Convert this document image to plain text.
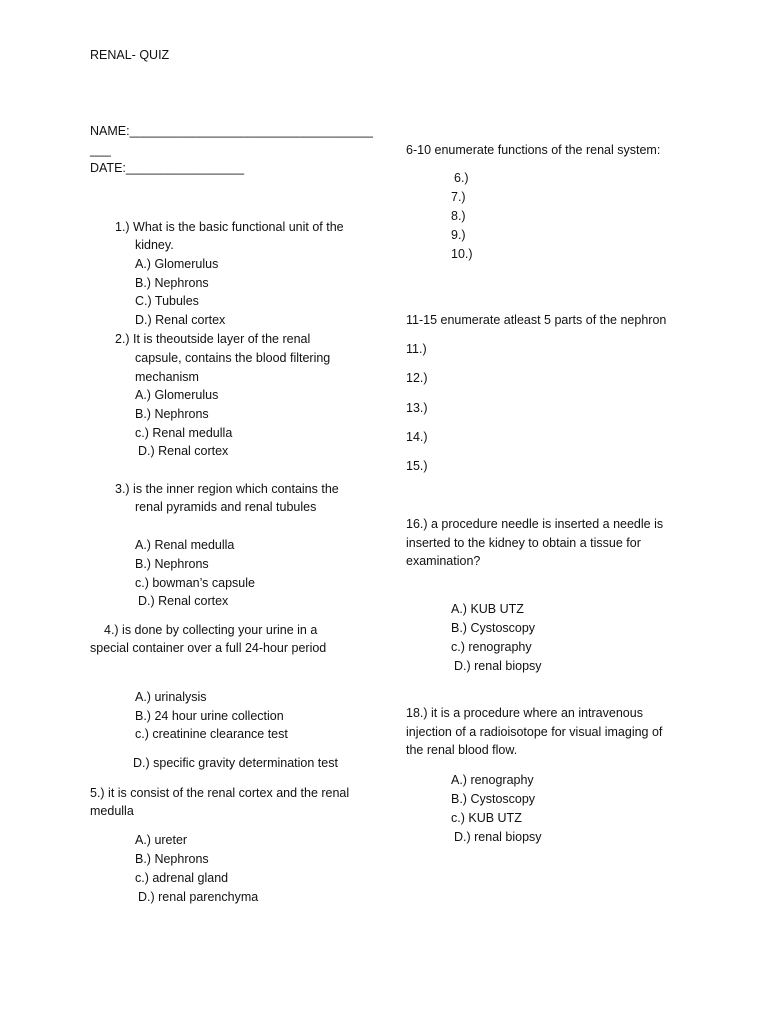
RENAL- QUIZ
NAME:___________________________________
___
DATE:_________________
1.) What is the basic functional unit of the
kidney.
A.) Glomerulus
B.) Nephrons
C.) Tubules
D.) Renal cortex
2.) It is theoutside layer of the renal
capsule, contains the blood filtering
mechanism
A.) Glomerulus
B.) Nephrons
c.) Renal medulla
D.) Renal cortex
3.) is the inner region which contains the
renal pyramids and renal tubules
A.) Renal medulla
B.) Nephrons
c.) bowman’s capsule
D.) Renal cortex
4.) is done by collecting your urine in a
special container over a full 24-hour period
A.) urinalysis
B.) 24 hour urine collection
c.) creatinine clearance test
D.) specific gravity determination test
5.) it is consist of the renal cortex and the renal
medulla
A.) ureter
B.) Nephrons
c.) adrenal gland
D.) renal parenchyma
6-10 enumerate functions of the renal system:
6.)
7.)
8.)
9.)
10.)
11-15 enumerate atleast 5 parts of the nephron
11.)
12.)
13.)
14.)
15.)
16.) a procedure needle is inserted a needle is
inserted to the kidney to obtain a tissue for
examination?
A.) KUB UTZ
B.) Cystoscopy
c.) renography
D.) renal biopsy
18.) it is a procedure where an intravenous
injection of a radioisotope for visual imaging of
the renal blood flow.
A.) renography
B.) Cystoscopy
c.) KUB UTZ
D.) renal biopsy
